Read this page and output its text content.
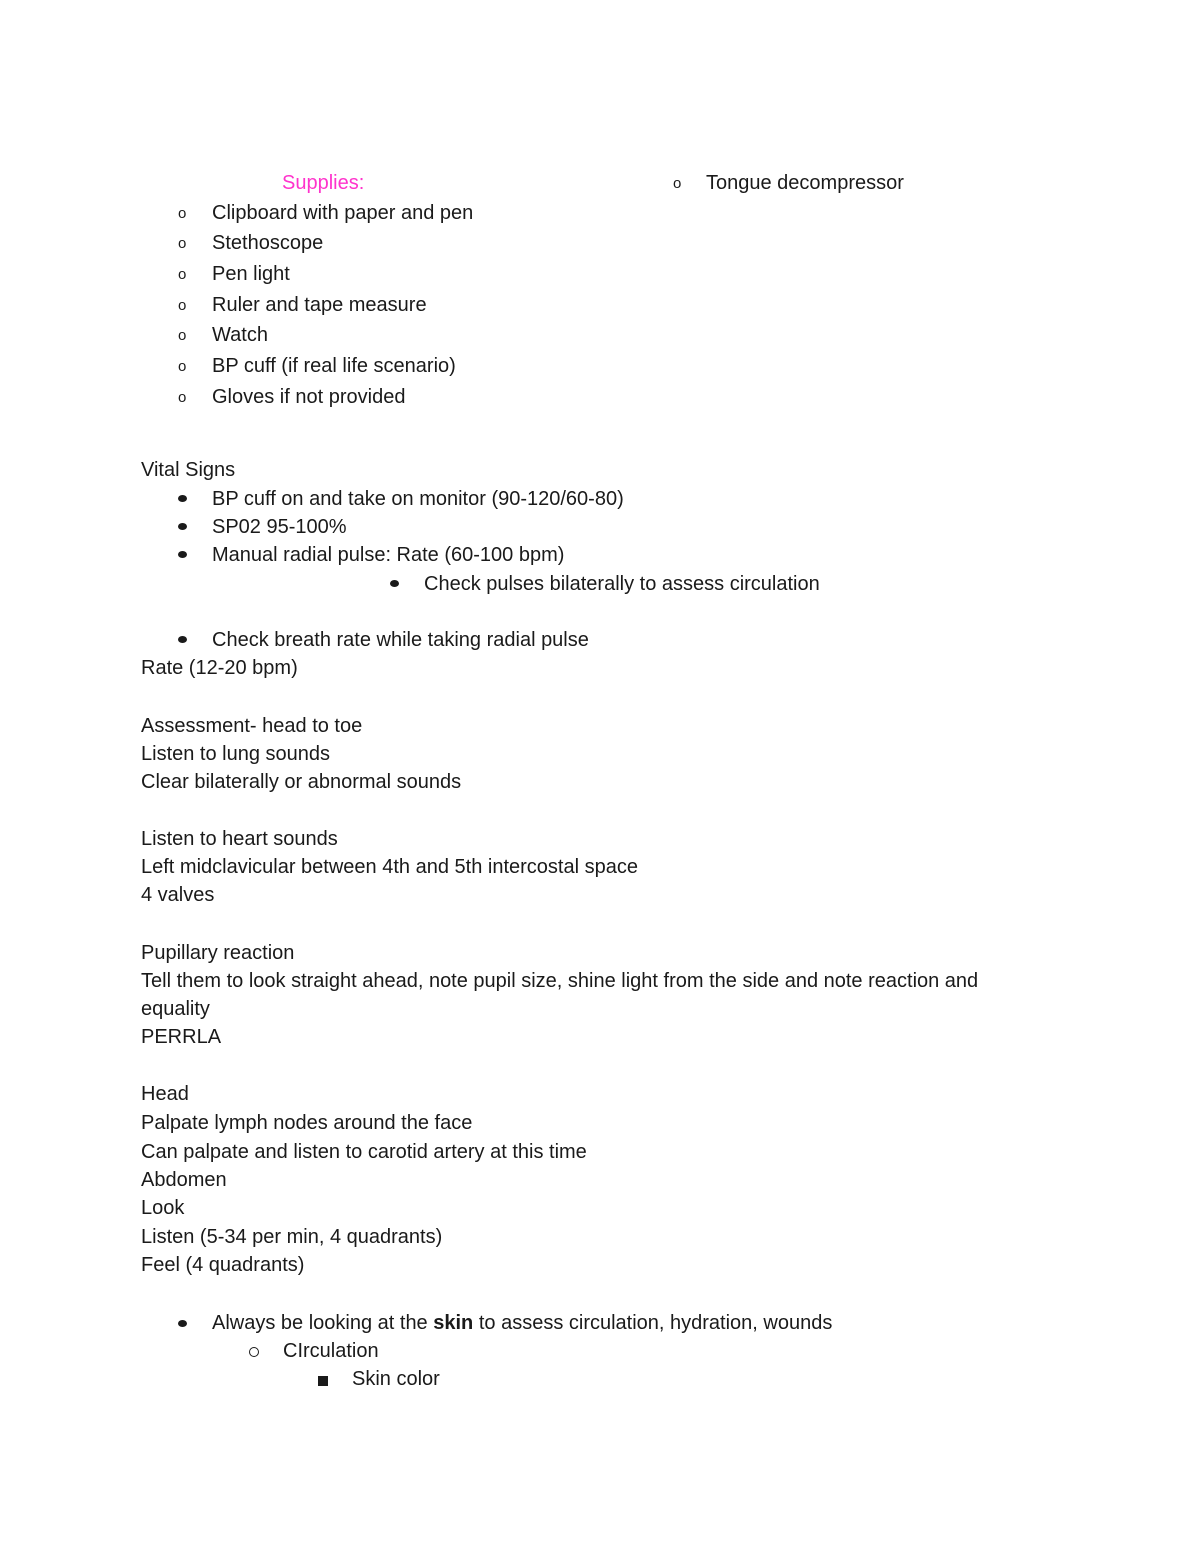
Supplies:	o Tongue decompressor
o Clipboard with paper and pen
o Stethoscope
o Pen light
o Ruler and tape measure
o Watch
o BP cuff (if real life scenario)
o Gloves if not provided
Vital Signs
BP cuff on and take on monitor (90-120/60-80)
SP02 95-100%
Manual radial pulse: Rate (60-100 bpm)
Check pulses bilaterally to assess circulation
Check breath rate while taking radial pulse
Rate (12-20 bpm)
Assessment- head to toe
Listen to lung sounds
Clear bilaterally or abnormal sounds
Listen to heart sounds
Left midclavicular between 4th and 5th intercostal space
4 valves
Pupillary reaction
Tell them to look straight ahead, note pupil size, shine light from the side and note reaction and
equality
PERRLA
Head
Palpate lymph nodes around the face
Can palpate and listen to carotid artery at this time
Abdomen
Look
Listen (5-34 per min, 4 quadrants)
Feel (4 quadrants)
Always be looking at the skin to assess circulation, hydration, wounds
CIrculation
Skin color
